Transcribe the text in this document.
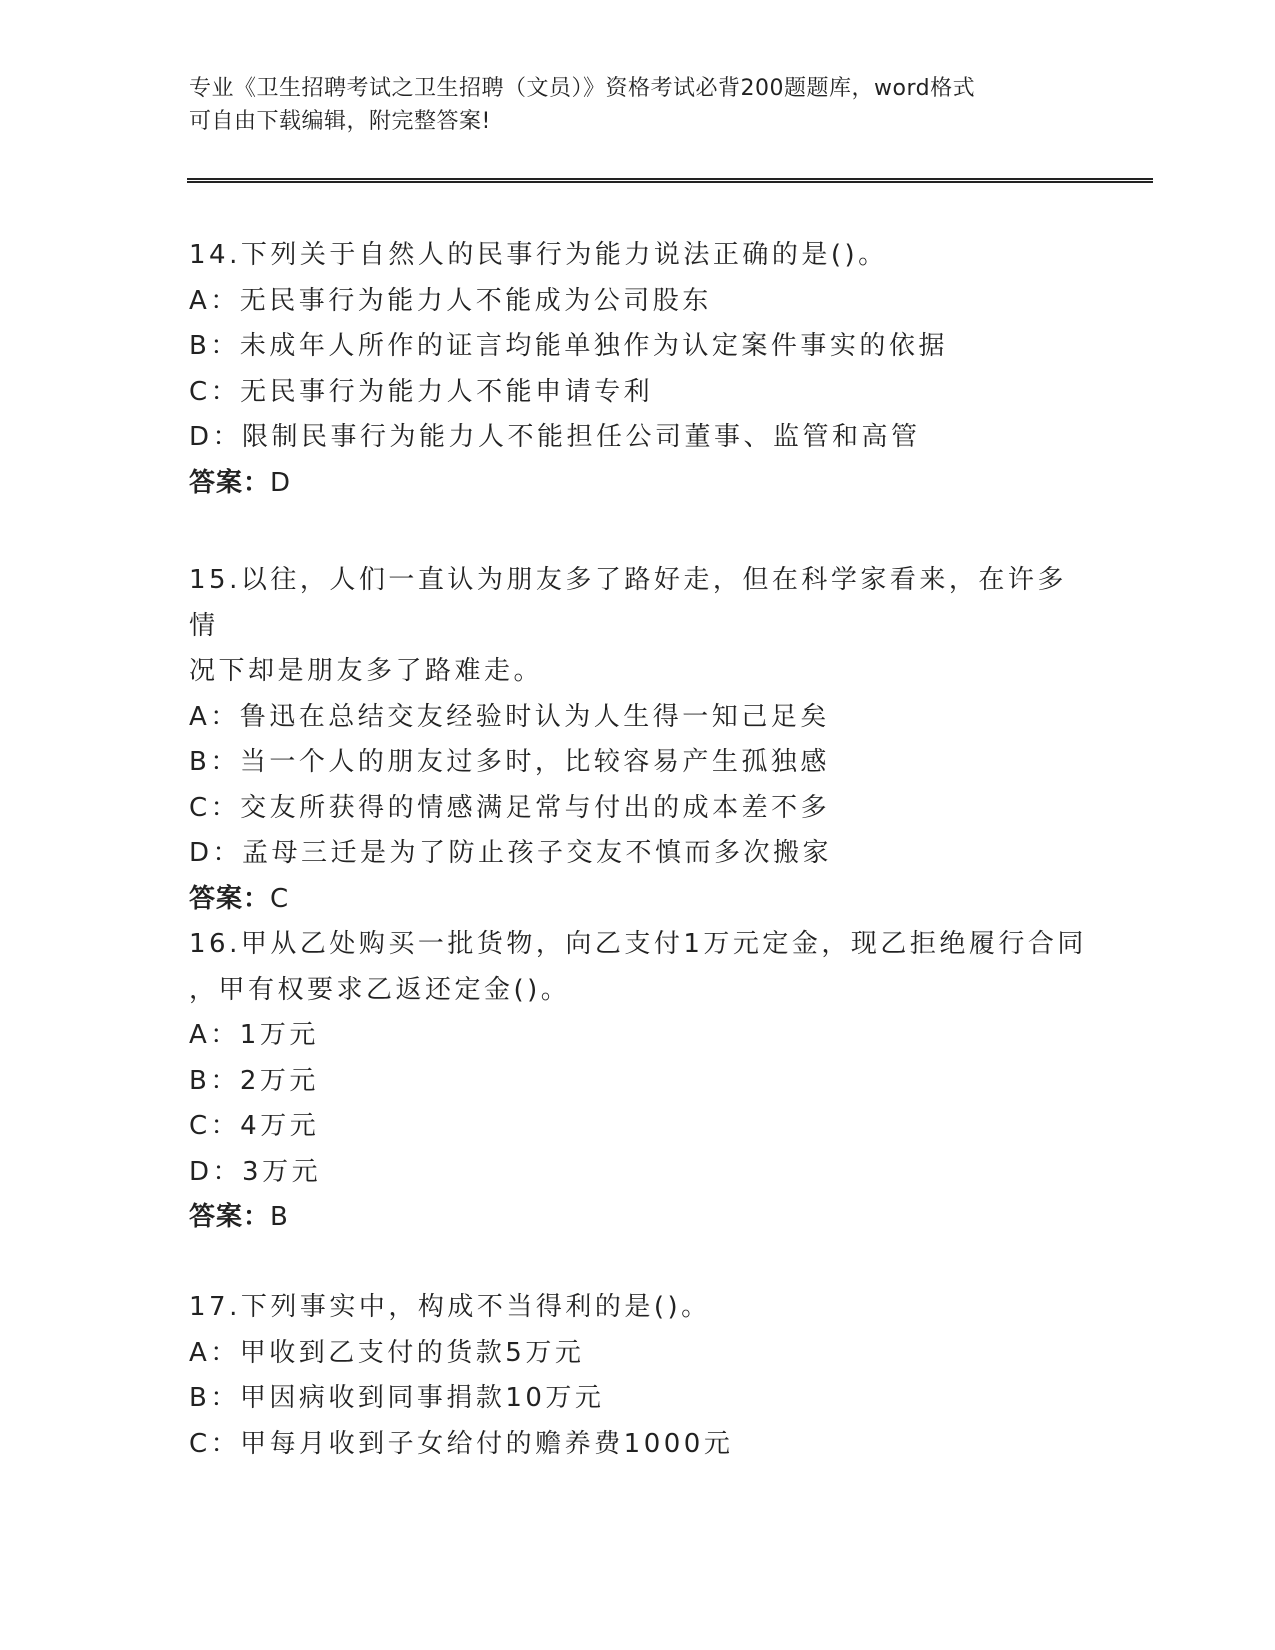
专业《卫生招聘考试之卫生招聘（文员）》资格考试必背200题题库，word格式
可自由下载编辑，附完整答案!

14.下列关于自然人的民事行为能力说法正确的是()。

A：无民事行为能力人不能成为公司股东

B：未成年人所作的证言均能单独作为认定案件事实的依据

C：无民事行为能力人不能申请专利

D：限制民事行为能力人不能担任公司董事、监管和高管

答案：D

15.以往，人们一直认为朋友多了路好走，但在科学家看来，在许多情

况下却是朋友多了路难走。

A：鲁迅在总结交友经验时认为人生得一知己足矣

B：当一个人的朋友过多时，比较容易产生孤独感

C：交友所获得的情感满足常与付出的成本差不多

D：孟母三迁是为了防止孩子交友不慎而多次搬家

答案：C

16.甲从乙处购买一批货物，向乙支付1万元定金，现乙拒绝履行合同

，甲有权要求乙返还定金()。

A：1万元

B：2万元

C：4万元

D：3万元

答案：B

17.下列事实中，构成不当得利的是()。

A：甲收到乙支付的货款5万元

B：甲因病收到同事捐款10万元

C：甲每月收到子女给付的赡养费1000元
